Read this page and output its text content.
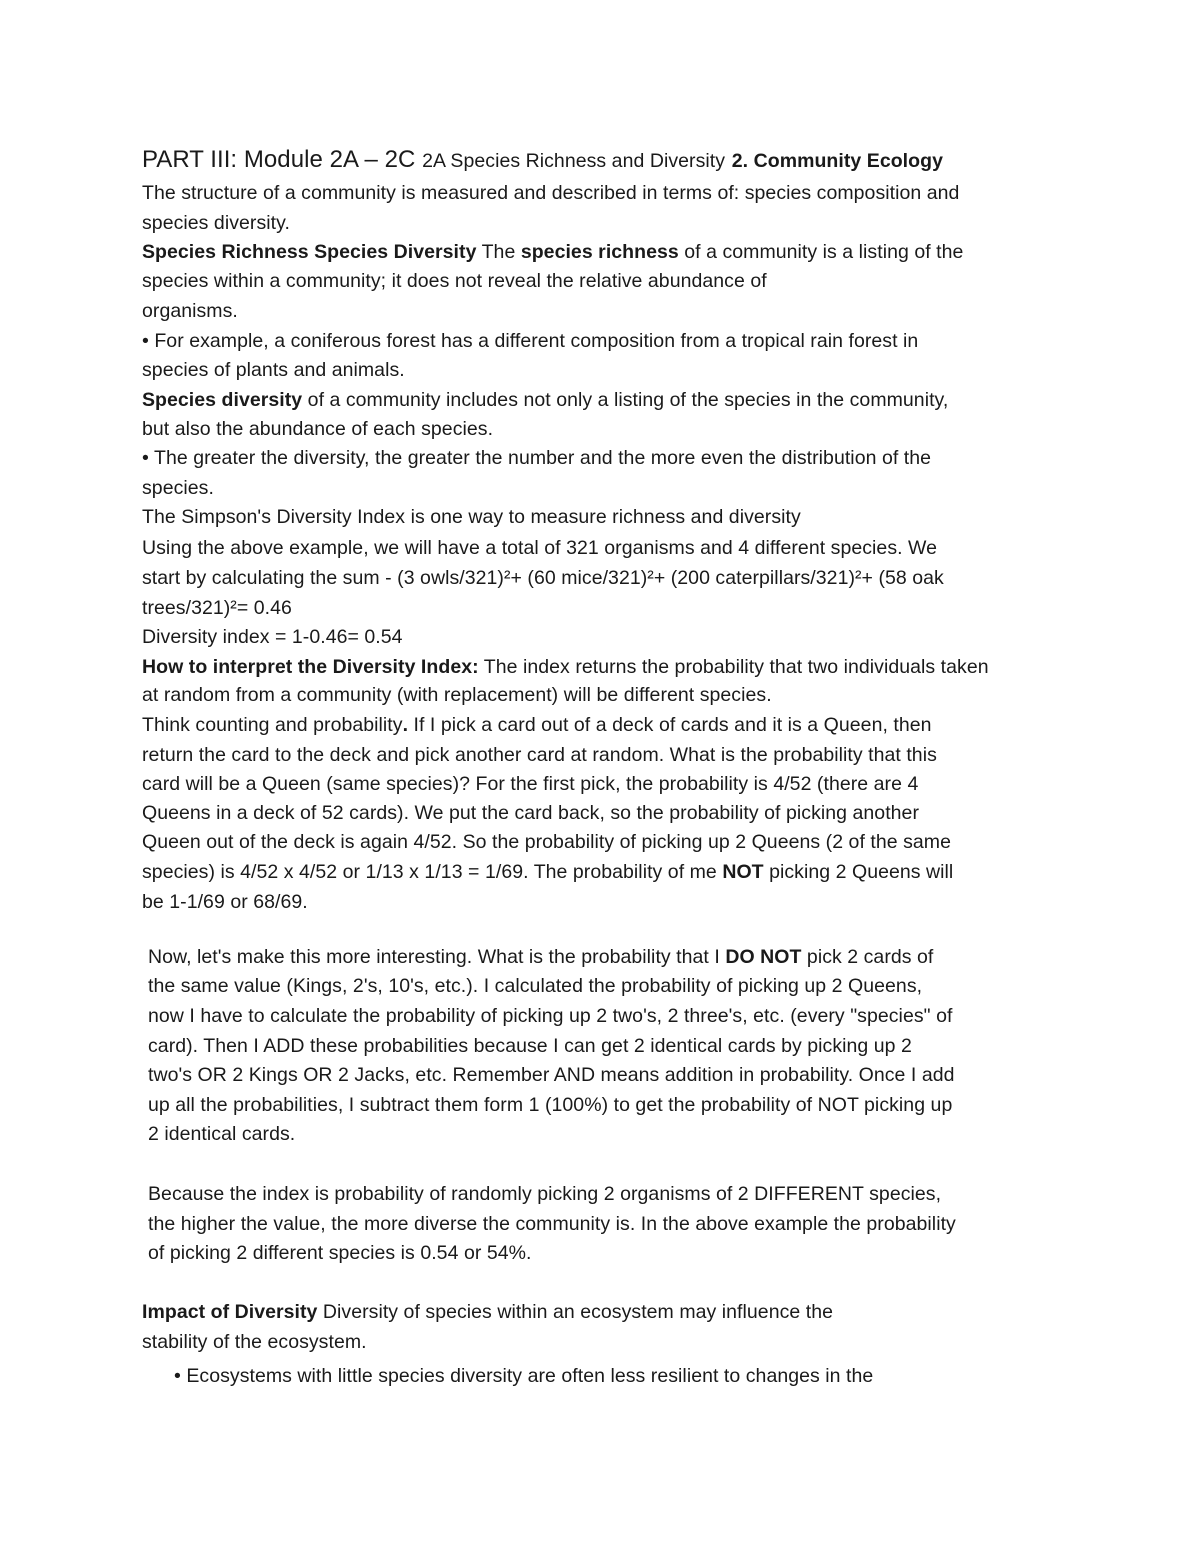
PART III: Module 2A – 2C 2A Species Richness and Diversity 2. Community Ecology
The structure of a community is measured and described in terms of: species composition and
species diversity.
Species Richness Species Diversity The species richness of a community is a listing of the
species within a community; it does not reveal the relative abundance of
organisms.
• For example, a coniferous forest has a different composition from a tropical rain forest in
species of plants and animals.
Species diversity of a community includes not only a listing of the species in the community,
but also the abundance of each species.
• The greater the diversity, the greater the number and the more even the distribution of the
species.
The Simpson's Diversity Index is one way to measure richness and diversity
Using the above example, we will have a total of 321 organisms and 4 different species. We
start by calculating the sum - (3 owls/321)²+ (60 mice/321)²+ (200 caterpillars/321)²+ (58 oak
trees/321)²= 0.46
Diversity index = 1-0.46= 0.54
How to interpret the Diversity Index: The index returns the probability that two individuals taken
at random from a community (with replacement) will be different species.
Think counting and probability. If I pick a card out of a deck of cards and it is a Queen, then
return the card to the deck and pick another card at random. What is the probability that this
card will be a Queen (same species)? For the first pick, the probability is 4/52 (there are 4
Queens in a deck of 52 cards). We put the card back, so the probability of picking another
Queen out of the deck is again 4/52. So the probability of picking up 2 Queens (2 of the same
species) is 4/52 x 4/52 or 1/13 x 1/13 = 1/69. The probability of me NOT picking 2 Queens will
be 1-1/69 or 68/69.
Now, let's make this more interesting. What is the probability that I DO NOT pick 2 cards of
the same value (Kings, 2's, 10's, etc.). I calculated the probability of picking up 2 Queens,
now I have to calculate the probability of picking up 2 two's, 2 three's, etc. (every "species" of
card). Then I ADD these probabilities because I can get 2 identical cards by picking up 2
two's OR 2 Kings OR 2 Jacks, etc. Remember AND means addition in probability. Once I add
up all the probabilities, I subtract them form 1 (100%) to get the probability of NOT picking up
2 identical cards.
Because the index is probability of randomly picking 2 organisms of 2 DIFFERENT species,
the higher the value, the more diverse the community is. In the above example the probability
of picking 2 different species is 0.54 or 54%.
Impact of Diversity Diversity of species within an ecosystem may influence the
stability of the ecosystem.
• Ecosystems with little species diversity are often less resilient to changes in the
